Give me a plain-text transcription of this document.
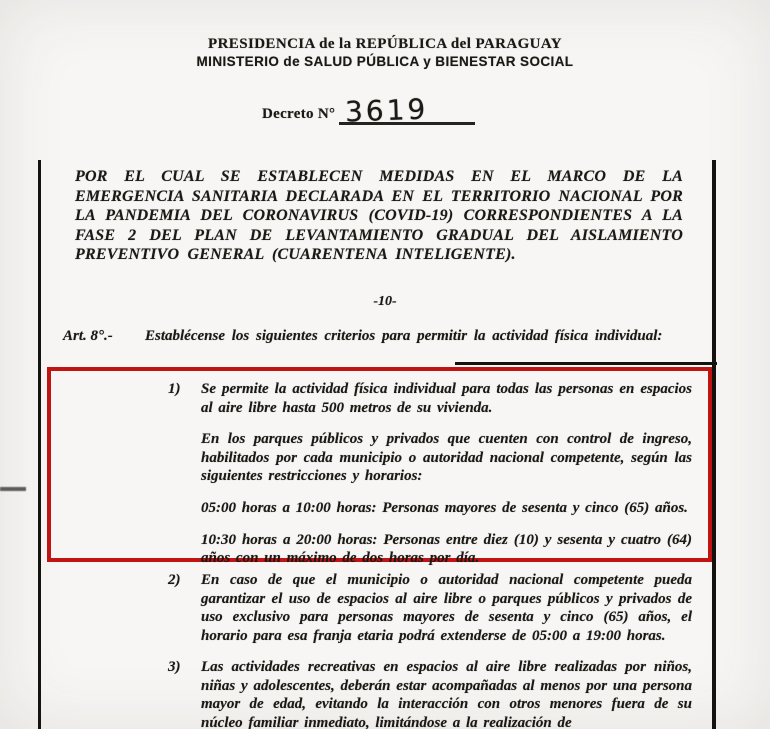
PRESIDENCIA de la REPÚBLICA del PARAGUAY
MINISTERIO de SALUD PÚBLICA y BIENESTAR SOCIAL
Decreto N° 3619
POR EL CUAL SE ESTABLECEN MEDIDAS EN EL MARCO DE LA EMERGENCIA SANITARIA DECLARADA EN EL TERRITORIO NACIONAL POR LA PANDEMIA DEL CORONAVIRUS (COVID-19) CORRESPONDIENTES A LA FASE 2 DEL PLAN DE LEVANTAMIENTO GRADUAL DEL AISLAMIENTO PREVENTIVO GENERAL (CUARENTENA INTELIGENTE).
-10-
Art. 8°.-	Establécense los siguientes criterios para permitir la actividad física individual:
1)	Se permite la actividad física individual para todas las personas en espacios al aire libre hasta 500 metros de su vivienda.

En los parques públicos y privados que cuenten con control de ingreso, habilitados por cada municipio o autoridad nacional competente, según las siguientes restricciones y horarios:

05:00 horas a 10:00 horas: Personas mayores de sesenta y cinco (65) años.

10:30 horas a 20:00 horas: Personas entre diez (10) y sesenta y cuatro (64) años con un máximo de dos horas por día.

2)	En caso de que el municipio o autoridad nacional competente pueda garantizar el uso de espacios al aire libre o parques públicos y privados de uso exclusivo para personas mayores de sesenta y cinco (65) años, el horario para esa franja etaria podrá extenderse de 05:00 a 19:00 horas.

3)	Las actividades recreativas en espacios al aire libre realizadas por niños, niñas y adolescentes, deberán estar acompañadas al menos por una persona mayor de edad, evitando la interacción con otros menores fuera de su núcleo familiar inmediato, limitándose a la realización de
